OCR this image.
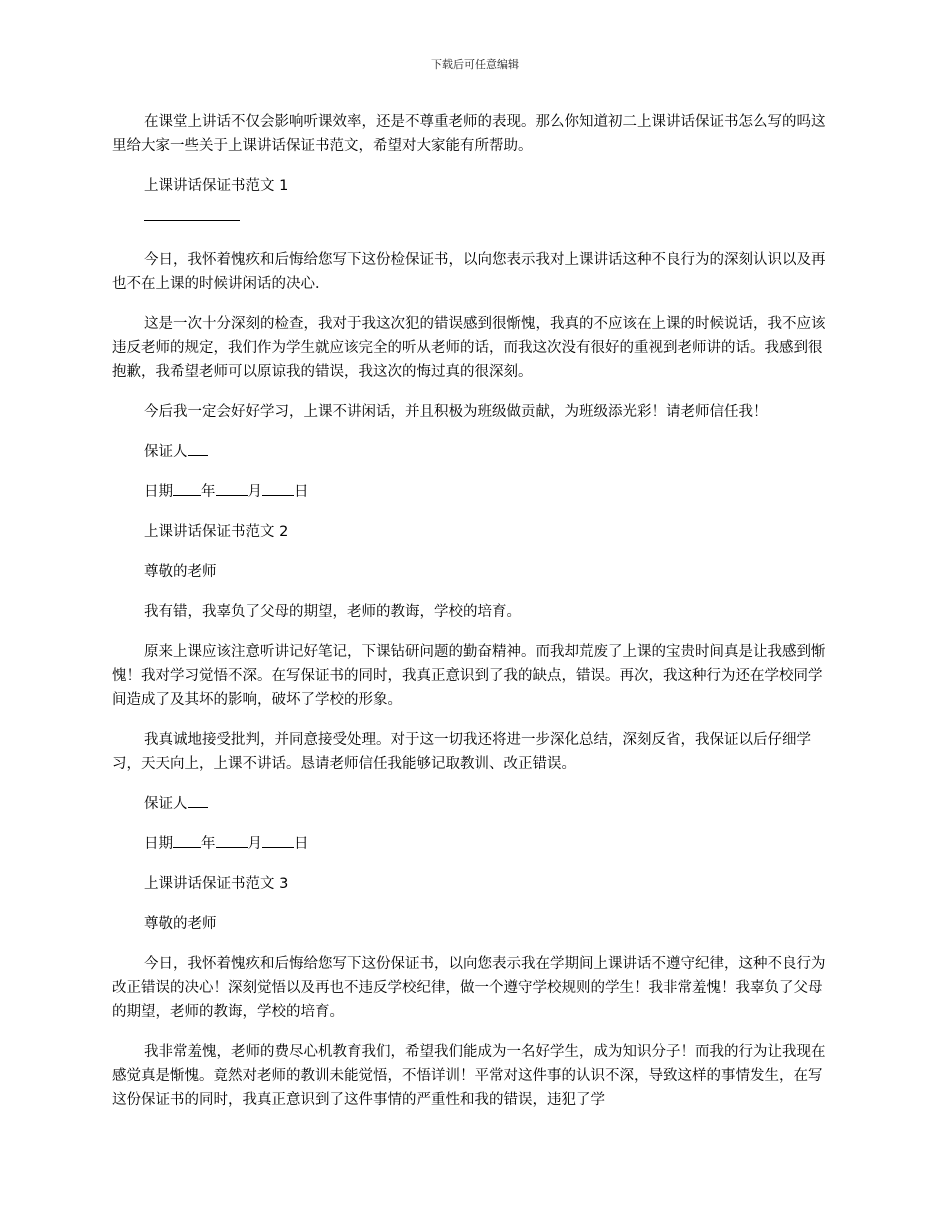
下载后可任意编辑

在课堂上讲话不仅会影响听课效率，还是不尊重老师的表现。那么你知道初二上课讲话保证书怎么写的吗这里给大家一些关于上课讲话保证书范文，希望对大家能有所帮助。

上课讲话保证书范文 1

今日，我怀着愧疚和后悔给您写下这份检保证书，以向您表示我对上课讲话这种不良行为的深刻认识以及再也不在上课的时候讲闲话的决心．

这是一次十分深刻的检查，我对于我这次犯的错误感到很惭愧，我真的不应该在上课的时候说话，我不应该违反老师的规定，我们作为学生就应该完全的听从老师的话，而我这次没有很好的重视到老师讲的话。我感到很抱歉，我希望老师可以原谅我的错误，我这次的悔过真的很深刻。

今后我一定会好好学习，上课不讲闲话，并且积极为班级做贡献，为班级添光彩！请老师信任我！

保证人

日期 年 月 日

上课讲话保证书范文 2

尊敬的老师

我有错，我辜负了父母的期望，老师的教诲，学校的培育。

原来上课应该注意听讲记好笔记，下课钻研问题的勤奋精神。而我却荒废了上课的宝贵时间真是让我感到惭愧！我对学习觉悟不深。在写保证书的同时，我真正意识到了我的缺点，错误。再次，我这种行为还在学校同学间造成了及其坏的影响，破坏了学校的形象。

我真诚地接受批判，并同意接受处理。对于这一切我还将进一步深化总结，深刻反省，我保证以后仔细学习，天天向上，上课不讲话。恳请老师信任我能够记取教训、改正错误。

保证人

日期 年 月 日

上课讲话保证书范文 3

尊敬的老师

今日，我怀着愧疚和后悔给您写下这份保证书，以向您表示我在学期间上课讲话不遵守纪律，这种不良行为改正错误的决心！深刻觉悟以及再也不违反学校纪律，做一个遵守学校规则的学生！我非常羞愧！我辜负了父母的期望，老师的教诲，学校的培育。

我非常羞愧，老师的费尽心机教育我们，希望我们能成为一名好学生，成为知识分子！而我的行为让我现在感觉真是惭愧。竟然对老师的教训未能觉悟，不悟详训！平常对这件事的认识不深，导致这样的事情发生，在写这份保证书的同时，我真正意识到了这件事情的严重性和我的错误，违犯了学
